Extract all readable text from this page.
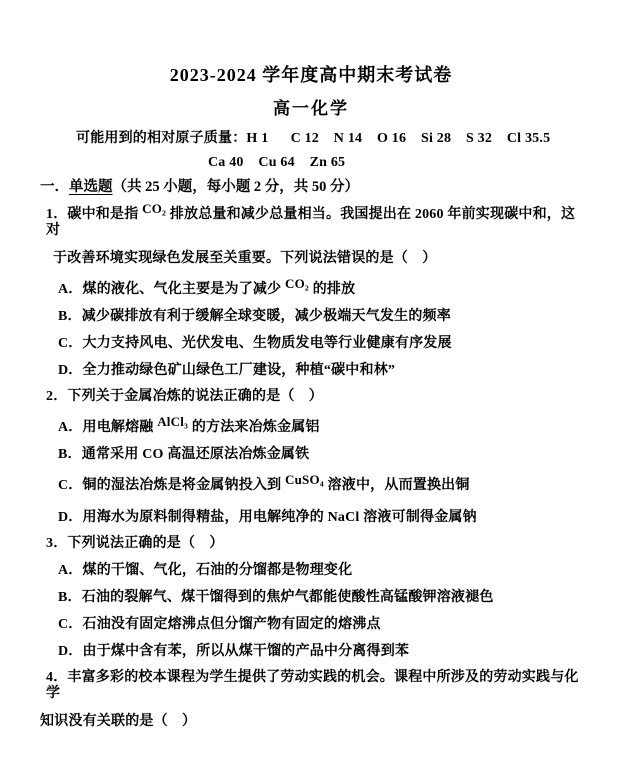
2023-2024 学年度高中期末考试卷
高一化学
可能用到的相对原子质量：H 1      C 12    N 14    O 16    Si 28    S 32    Cl 35.5
Ca 40    Cu 64    Zn 65
一．单选题（共 25 小题，每小题 2 分，共 50 分）
1．碳中和是指 CO₂ 排放总量和减少总量相当。我国提出在 2060 年前实现碳中和，这对
于改善环境实现绿色发展至关重要。下列说法错误的是（　）
A．煤的液化、气化主要是为了减少 CO₂ 的排放
B．减少碳排放有利于缓解全球变暖，减少极端天气发生的频率
C．大力支持风电、光伏发电、生物质发电等行业健康有序发展
D．全力推动绿色矿山绿色工厂建设，种植“碳中和林”
2．下列关于金属冶炼的说法正确的是（　）
A．用电解熔融 AlCl₃ 的方法来冶炼金属铝
B．通常采用 CO 高温还原法冶炼金属铁
C．铜的湿法冶炼是将金属钠投入到 CuSO₄ 溶液中，从而置换出铜
D．用海水为原料制得精盐，用电解纯净的 NaCl 溶液可制得金属钠
3．下列说法正确的是（　）
A．煤的干馏、气化，石油的分馏都是物理变化
B．石油的裂解气、煤干馏得到的焦炉气都能使酸性高锰酸钾溶液褪色
C．石油没有固定熔沸点但分馏产物有固定的熔沸点
D．由于煤中含有苯，所以从煤干馏的产品中分离得到苯
4．丰富多彩的校本课程为学生提供了劳动实践的机会。课程中所涉及的劳动实践与化学
知识没有关联的是（　）
